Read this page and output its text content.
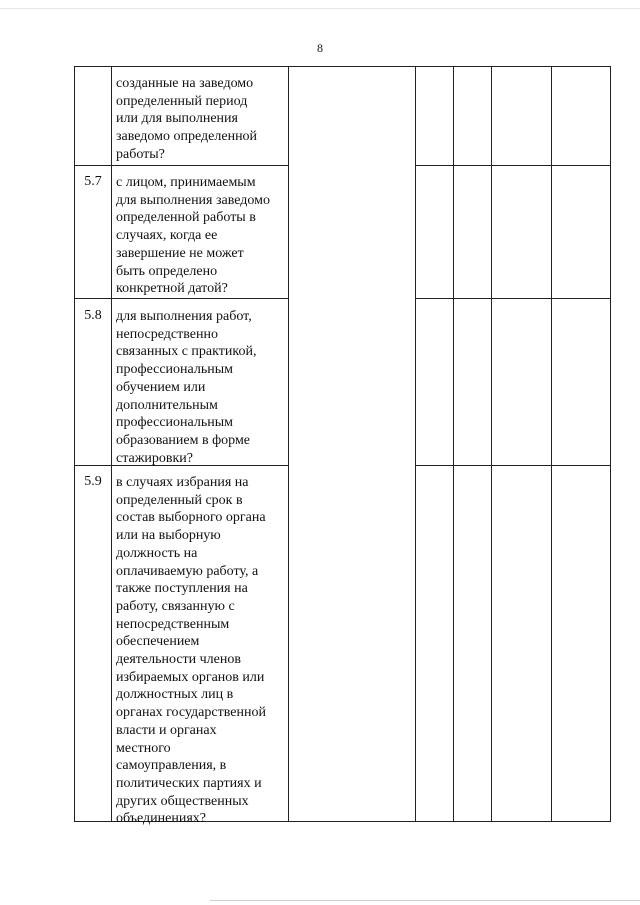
8
созданные на заведомо
определенный период
или для выполнения
заведомо определенной
работы?
5.7	с лицом, принимаемым
для выполнения заведомо
определенной работы в
случаях, когда ее
завершение не может
быть определено
конкретной датой?
5.8	для выполнения работ,
непосредственно
связанных с практикой,
профессиональным
обучением или
дополнительным
профессиональным
образованием в форме
стажировки?
5.9	в случаях избрания на
определенный срок в
состав выборного органа
или на выборную
должность на
оплачиваемую работу, а
также поступления на
работу, связанную с
непосредственным
обеспечением
деятельности членов
избираемых органов или
должностных лиц в
органах государственной
власти и органах
местного
самоуправления, в
политических партиях и
других общественных
объединениях?
